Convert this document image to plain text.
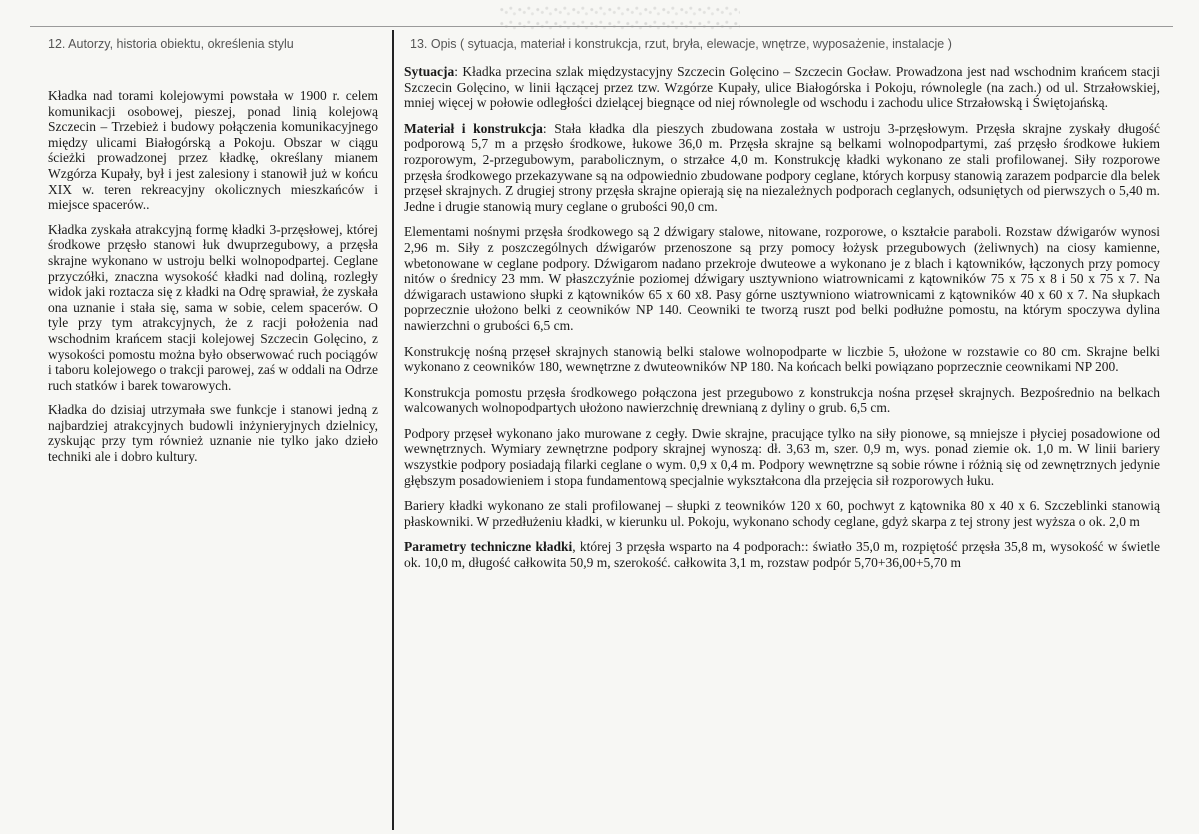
12. Autorzy, historia obiektu, określenia stylu	13. Opis ( sytuacja, materiał i konstrukcja, rzut, bryła, elewacje, wnętrze, wyposażenie, instalacje )

Kładka nad torami kolejowymi powstała w 1900 r. celem komunikacji osobowej, pieszej, ponad linią kolejową Szczecin – Trzebież i budowy połączenia komunikacyjnego między ulicami Białogórską a Pokoju. Obszar w ciągu ścieżki prowadzonej przez kładkę, określany mianem Wzgórza Kupały, był i jest zalesiony i stanowił już w końcu XIX w. teren rekreacyjny okolicznych mieszkańców i miejsce spacerów..

Kładka zyskała atrakcyjną formę kładki 3-przęsłowej, której środkowe przęsło stanowi łuk dwuprzegubowy, a przęsła skrajne wykonano w ustroju belki wolnopodpartej. Ceglane przyczółki, znaczna wysokość kładki nad doliną, rozległy widok jaki roztacza się z kładki na Odrę sprawiał, że zyskała ona uznanie i stała się, sama w sobie, celem spacerów. O tyle przy tym atrakcyjnych, że z racji położenia nad wschodnim krańcem stacji kolejowej Szczecin Golęcino, z wysokości pomostu można było obserwować ruch pociągów i taboru kolejowego o trakcji parowej, zaś w oddali na Odrze ruch statków i barek towarowych.

Kładka do dzisiaj utrzymała swe funkcje i stanowi jedną z najbardziej atrakcyjnych budowli inżynieryjnych dzielnicy, zyskując przy tym również uznanie nie tylko jako dzieło techniki ale i dobro kultury.

Sytuacja: Kładka przecina szlak międzystacyjny Szczecin Golęcino – Szczecin Gocław. Prowadzona jest nad wschodnim krańcem stacji Szczecin Golęcino, w linii łączącej przez tzw. Wzgórze Kupały, ulice Białogórska i Pokoju, równolegle (na zach.) od ul. Strzałowskiej, mniej więcej w połowie odległości dzielącej biegnące od niej równolegle od wschodu i zachodu ulice Strzałowską i Świętojańską.

Materiał i konstrukcja: Stała kładka dla pieszych zbudowana została w ustroju 3-przęsłowym. Przęsła skrajne zyskały długość podporową 5,7 m a przęsło środkowe, łukowe 36,0 m. Przęsła skrajne są belkami wolnopodpartymi, zaś przęsło środkowe łukiem rozporowym, 2-przegubowym, parabolicznym, o strzałce 4,0 m. Konstrukcję kładki wykonano ze stali profilowanej. Siły rozporowe przęsła środkowego przekazywane są na odpowiednio zbudowane podpory ceglane, których korpusy stanowią zarazem podparcie dla belek przęseł skrajnych. Z drugiej strony przęsła skrajne opierają się na niezależnych podporach ceglanych, odsuniętych od pierwszych o 5,40 m. Jedne i drugie stanowią mury ceglane o grubości 90,0 cm.

Elementami nośnymi przęsła środkowego są 2 dźwigary stalowe, nitowane, rozporowe, o kształcie paraboli. Rozstaw dźwigarów wynosi 2,96 m. Siły z poszczególnych dźwigarów przenoszone są przy pomocy łożysk przegubowych (żeliwnych) na ciosy kamienne, wbetonowane w ceglane podpory. Dźwigarom nadano przekroje dwuteowe a wykonano je z blach i kątowników, łączonych przy pomocy nitów o średnicy 23 mm. W płaszczyźnie poziomej dźwigary usztywniono wiatrownicami z kątowników 75 x 75 x 8 i 50 x 75 x 7. Na dźwigarach ustawiono słupki z kątowników 65 x 60 x8. Pasy górne usztywniono wiatrownicami z kątowników 40 x 60 x 7. Na słupkach poprzecznie ułożono belki z ceowników NP 140. Ceowniki te tworzą ruszt pod belki podłużne pomostu, na którym spoczywa dylina nawierzchni o grubości 6,5 cm.

Konstrukcję nośną przęseł skrajnych stanowią belki stalowe wolnopodparte w liczbie 5, ułożone w rozstawie co 80 cm. Skrajne belki wykonano z ceowników 180, wewnętrzne z dwuteowników NP 180. Na końcach belki powiązano poprzecznie ceownikami NP 200.

Konstrukcja pomostu przęsła środkowego połączona jest przegubowo z konstrukcja nośna przęseł skrajnych. Bezpośrednio na belkach walcowanych wolnopodpartych ułożono nawierzchnię drewnianą z dyliny o grub. 6,5 cm.

Podpory przęseł wykonano jako murowane z cegły. Dwie skrajne, pracujące tylko na siły pionowe, są mniejsze i płyciej posadowione od wewnętrznych. Wymiary zewnętrzne podpory skrajnej wynoszą: dł. 3,63 m, szer. 0,9 m, wys. ponad ziemie ok. 1,0 m. W linii bariery wszystkie podpory posiadają filarki ceglane o wym. 0,9 x 0,4 m. Podpory wewnętrzne są sobie równe i różnią się od zewnętrznych jedynie głębszym posadowieniem i stopa fundamentową specjalnie wykształcona dla przejęcia sił rozporowych łuku.

Bariery kładki wykonano ze stali profilowanej – słupki z teowników 120 x 60, pochwyt z kątownika 80 x 40 x 6. Szczeblinki stanowią płaskowniki. W przedłużeniu kładki, w kierunku ul. Pokoju, wykonano schody ceglane, gdyż skarpa z tej strony jest wyższa o ok. 2,0 m

Parametry techniczne kładki, której 3 przęsła wsparto na 4 podporach:: światło 35,0 m, rozpiętość przęsła 35,8 m, wysokość w świetle ok. 10,0 m, długość całkowita 50,9 m, szerokość. całkowita 3,1 m, rozstaw podpór 5,70+36,00+5,70 m
